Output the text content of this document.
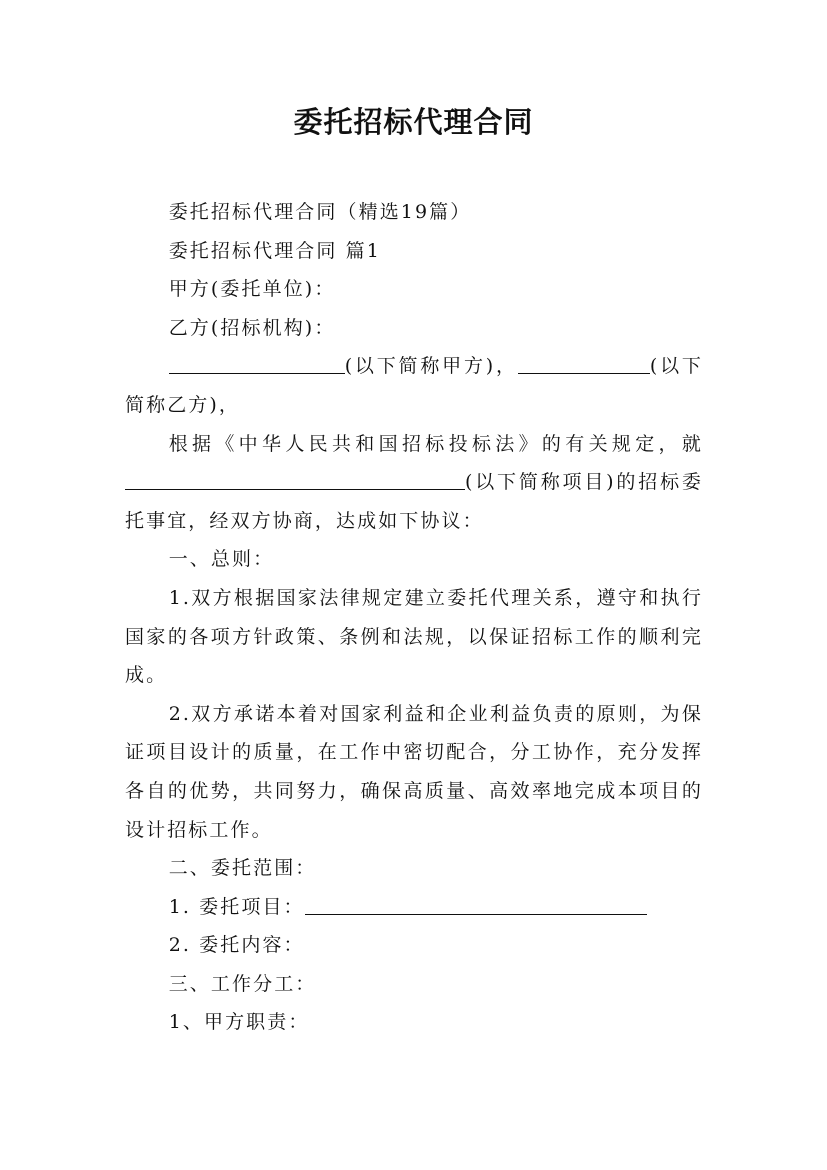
委托招标代理合同

委托招标代理合同（精选19篇）

委托招标代理合同 篇1

甲方(委托单位)：

乙方(招标机构)：

(以下简称甲方)，	(以下简称乙方)，

根据《中华人民共和国招标投标法》的有关规定，就(以下简称项目)的招标委托事宜，经双方协商，达成如下协议：

一、总则：

1.双方根据国家法律规定建立委托代理关系，遵守和执行国家的各项方针政策、条例和法规，以保证招标工作的顺利完成。

2.双方承诺本着对国家利益和企业利益负责的原则，为保证项目设计的质量，在工作中密切配合，分工协作，充分发挥各自的优势，共同努力，确保高质量、高效率地完成本项目的设计招标工作。

二、委托范围：

1. 委托项目：

2. 委托内容：

三、工作分工：

1、甲方职责：
